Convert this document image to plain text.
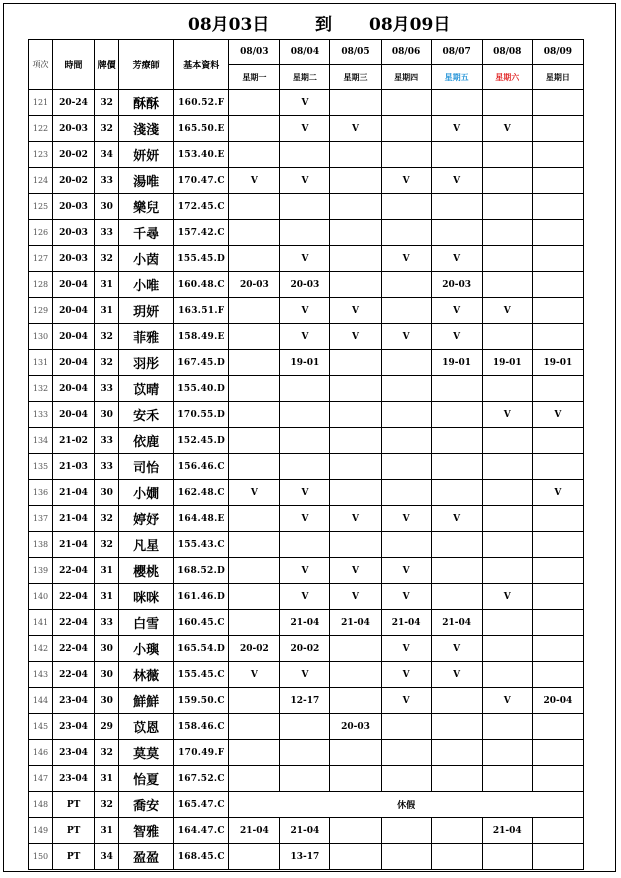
08月03日	到 08月09日
項次	時間	牌價	芳療師	基本資料	08/03	08/04	08/05	08/06	08/07	08/08	08/09
					星期一	星期二	星期三	星期四	星期五	星期六	星期日
121	20-24	32	酥酥	160.52.F		V					
122	20-03	32	淺淺	165.50.E		V	V		V	V	
123	20-02	34	妍妍	153.40.E							
124	20-02	33	湯唯	170.47.C	V	V		V	V		
125	20-03	30	樂兒	172.45.C							
126	20-03	33	千尋	157.42.C							
127	20-03	32	小茵	155.45.D		V		V	V		
128	20-04	31	小唯	160.48.C	20-03	20-03			20-03		
129	20-04	31	玥妍	163.51.F		V	V		V	V	
130	20-04	32	菲雅	158.49.E		V	V	V	V		
131	20-04	32	羽彤	167.45.D		19-01			19-01	19-01	19-01
132	20-04	33	苡晴	155.40.D							
133	20-04	30	安禾	170.55.D						V	V
134	21-02	33	依鹿	152.45.D							
135	21-03	33	司怡	156.46.C							
136	21-04	30	小嫺	162.48.C	V	V					V
137	21-04	32	婷妤	164.48.E		V	V	V	V		
138	21-04	32	凡星	155.43.C							
139	22-04	31	櫻桃	168.52.D		V	V	V			
140	22-04	31	咪咪	161.46.D		V	V	V		V	
141	22-04	33	白雪	160.45.C		21-04	21-04	21-04	21-04		
142	22-04	30	小璵	165.54.D	20-02	20-02		V	V		
143	22-04	30	林薇	155.45.C	V	V		V	V		
144	23-04	30	鮮鮮	159.50.C		12-17		V		V	20-04
145	23-04	29	苡恩	158.46.C			20-03				
146	23-04	32	莫莫	170.49.F							
147	23-04	31	怡夏	167.52.C							
148	PT	32	喬安	165.47.C	休假						
149	PT	31	智雅	164.47.C	21-04	21-04				21-04	
150	PT	34	盈盈	168.45.C		13-17					
